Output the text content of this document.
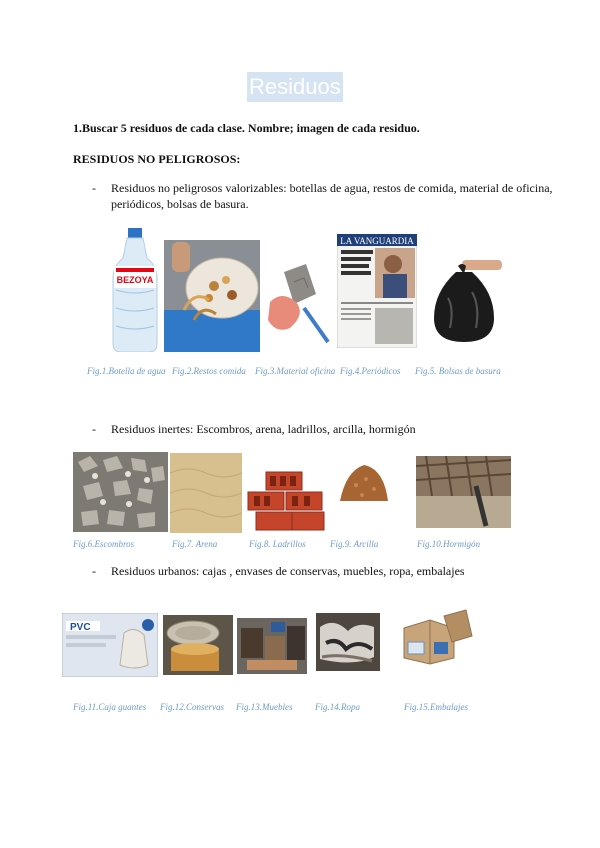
Residuos
1.Buscar 5 residuos de cada clase. Nombre; imagen de cada residuo.
RESIDUOS NO PELIGROSOS:
- Residuos no peligrosos valorizables: botellas de agua, restos de comida, material de oficina,
periódicos, bolsas de basura.
BEZOYA
LA VANGUARDIA
Fig.1.Botella de agua Fig.2.Restos comida Fig.3.Material oficina Fig.4.Periódicos Fig.5. Bolsas de basura
- Residuos inertes: Escombros, arena, ladrillos, arcilla, hormigón
Fig.6.Escombros	Fig.7. Arena	Fig.8. Ladrillos	Fig.9. Arcilla	Fig.10.Hormigón
- Residuos urbanos: cajas , envases de conservas, muebles, ropa, embalajes
PVC
Fig.11.Caja guantes Fig.12.Conservas Fig.13.Muebles	Fig.14.Ropa	Fig.15.Embalajes
